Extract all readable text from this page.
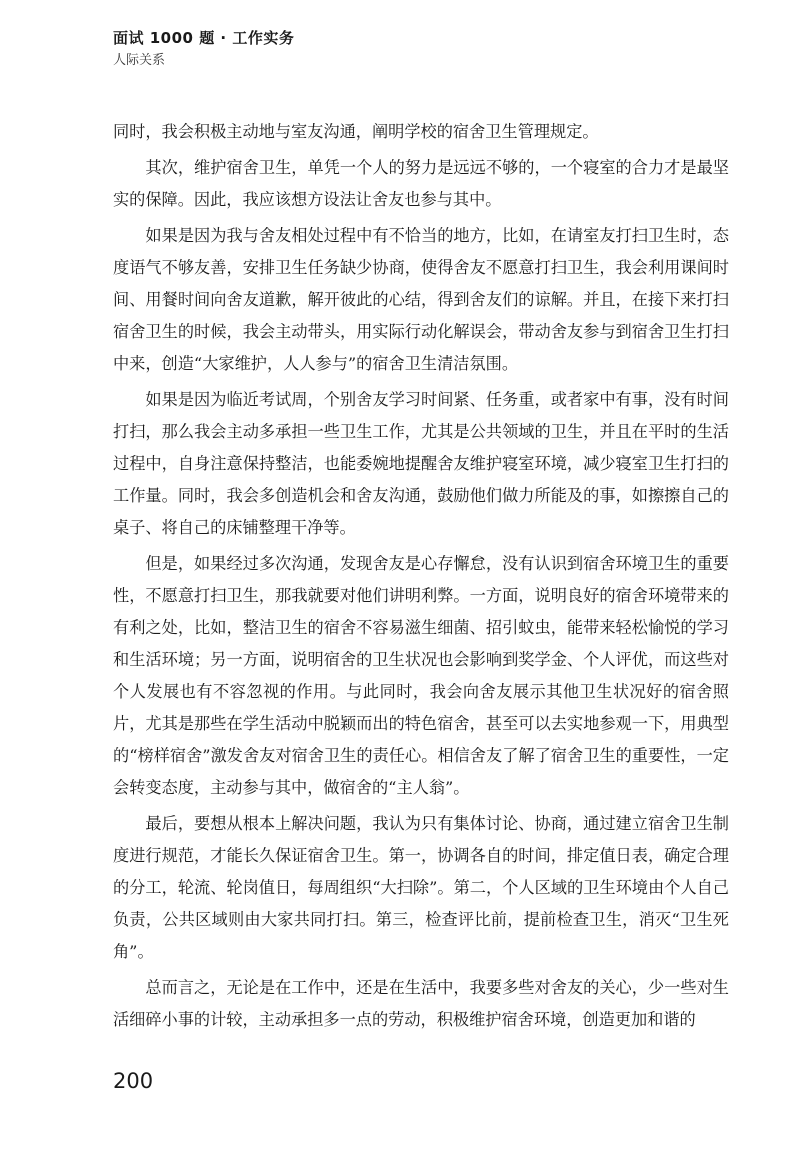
面试 1000 题 · 工作实务
人际关系

同时，我会积极主动地与室友沟通，阐明学校的宿舍卫生管理规定。

其次，维护宿舍卫生，单凭一个人的努力是远远不够的，一个寝室的合力才是最坚实的保障。因此，我应该想方设法让舍友也参与其中。

如果是因为我与舍友相处过程中有不恰当的地方，比如，在请室友打扫卫生时，态度语气不够友善，安排卫生任务缺少协商，使得舍友不愿意打扫卫生，我会利用课间时间、用餐时间向舍友道歉，解开彼此的心结，得到舍友们的谅解。并且，在接下来打扫宿舍卫生的时候，我会主动带头，用实际行动化解误会，带动舍友参与到宿舍卫生打扫中来，创造“大家维护，人人参与”的宿舍卫生清洁氛围。

如果是因为临近考试周，个别舍友学习时间紧、任务重，或者家中有事，没有时间打扫，那么我会主动多承担一些卫生工作，尤其是公共领域的卫生，并且在平时的生活过程中，自身注意保持整洁，也能委婉地提醒舍友维护寝室环境，减少寝室卫生打扫的工作量。同时，我会多创造机会和舍友沟通，鼓励他们做力所能及的事，如擦擦自己的桌子、将自己的床铺整理干净等。

但是，如果经过多次沟通，发现舍友是心存懈怠，没有认识到宿舍环境卫生的重要性，不愿意打扫卫生，那我就要对他们讲明利弊。一方面，说明良好的宿舍环境带来的有利之处，比如，整洁卫生的宿舍不容易滋生细菌、招引蚊虫，能带来轻松愉悦的学习和生活环境；另一方面，说明宿舍的卫生状况也会影响到奖学金、个人评优，而这些对个人发展也有不容忽视的作用。与此同时，我会向舍友展示其他卫生状况好的宿舍照片，尤其是那些在学生活动中脱颖而出的特色宿舍，甚至可以去实地参观一下，用典型的“榜样宿舍”激发舍友对宿舍卫生的责任心。相信舍友了解了宿舍卫生的重要性，一定会转变态度，主动参与其中，做宿舍的“主人翁”。

最后，要想从根本上解决问题，我认为只有集体讨论、协商，通过建立宿舍卫生制度进行规范，才能长久保证宿舍卫生。第一，协调各自的时间，排定值日表，确定合理的分工，轮流、轮岗值日，每周组织“大扫除”。第二，个人区域的卫生环境由个人自己负责，公共区域则由大家共同打扫。第三，检查评比前，提前检查卫生，消灭“卫生死角”。

总而言之，无论是在工作中，还是在生活中，我要多些对舍友的关心，少一些对生活细碎小事的计较，主动承担多一点的劳动，积极维护宿舍环境，创造更加和谐的

200
